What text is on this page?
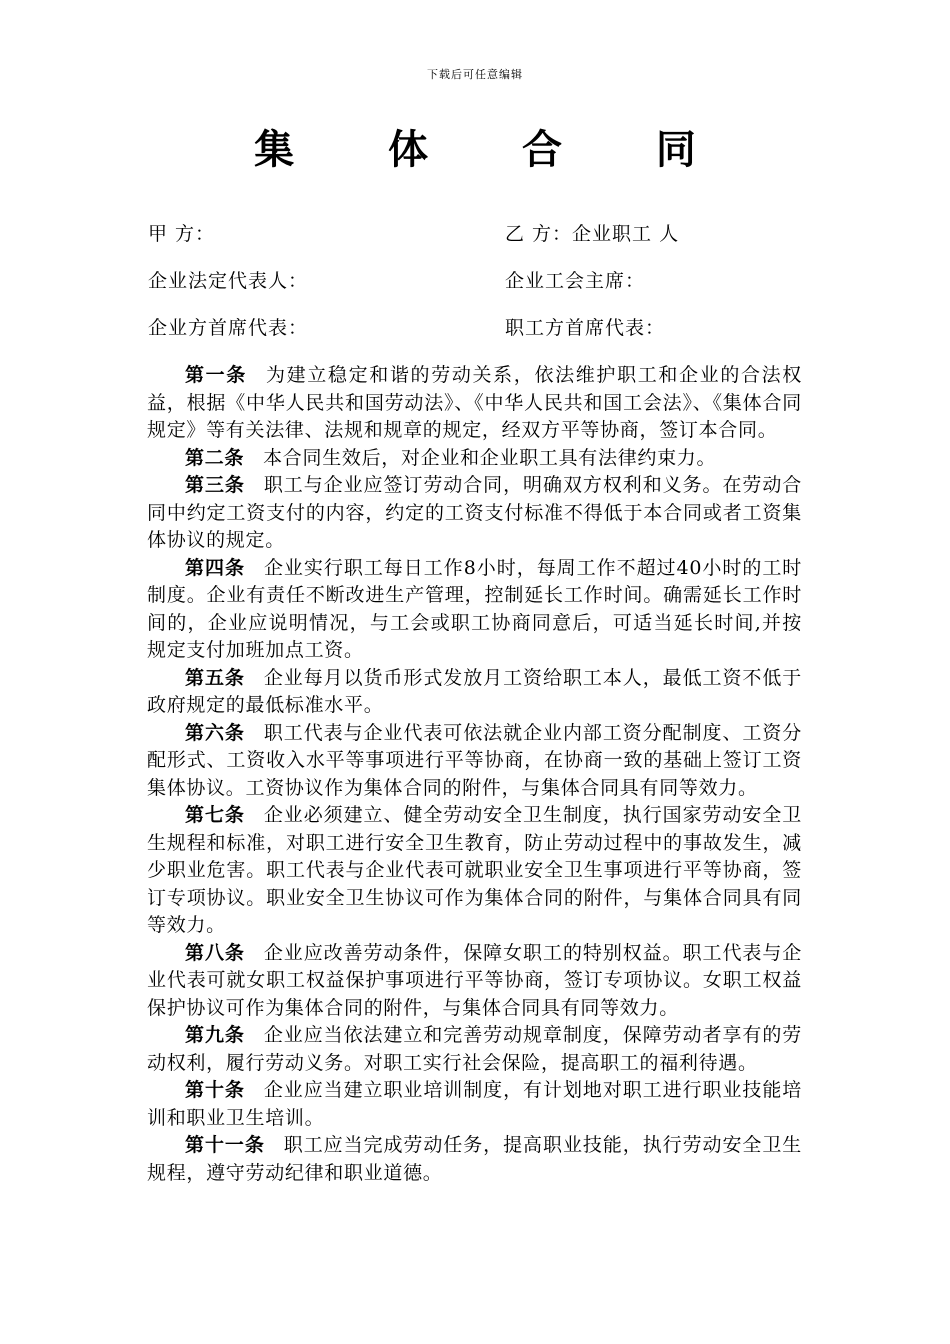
下载后可任意编辑
集 体 合 同
甲 方：	乙 方：企业职工 人
企业法定代表人：	企业工会主席：
企业方首席代表：	职工方首席代表：

第一条 为建立稳定和谐的劳动关系，依法维护职工和企业的合法权益，根据《中华人民共和国劳动法》、《中华人民共和国工会法》、《集体合同规定》等有关法律、法规和规章的规定，经双方平等协商，签订本合同。

第二条 本合同生效后，对企业和企业职工具有法律约束力。

第三条 职工与企业应签订劳动合同，明确双方权利和义务。在劳动合同中约定工资支付的内容，约定的工资支付标准不得低于本合同或者工资集体协议的规定。

第四条 企业实行职工每日工作8小时，每周工作不超过40小时的工时制度。企业有责任不断改进生产管理，控制延长工作时间。确需延长工作时间的，企业应说明情况，与工会或职工协商同意后，可适当延长时间,并按规定支付加班加点工资。

第五条 企业每月以货币形式发放月工资给职工本人，最低工资不低于政府规定的最低标准水平。

第六条 职工代表与企业代表可依法就企业内部工资分配制度、工资分配形式、工资收入水平等事项进行平等协商，在协商一致的基础上签订工资集体协议。工资协议作为集体合同的附件，与集体合同具有同等效力。

第七条 企业必须建立、健全劳动安全卫生制度，执行国家劳动安全卫生规程和标准，对职工进行安全卫生教育，防止劳动过程中的事故发生，减少职业危害。职工代表与企业代表可就职业安全卫生事项进行平等协商，签订专项协议。职业安全卫生协议可作为集体合同的附件，与集体合同具有同等效力。

第八条 企业应改善劳动条件，保障女职工的特别权益。职工代表与企业代表可就女职工权益保护事项进行平等协商，签订专项协议。女职工权益保护协议可作为集体合同的附件，与集体合同具有同等效力。

第九条 企业应当依法建立和完善劳动规章制度，保障劳动者享有的劳动权利，履行劳动义务。对职工实行社会保险，提高职工的福利待遇。

第十条 企业应当建立职业培训制度，有计划地对职工进行职业技能培训和职业卫生培训。

第十一条 职工应当完成劳动任务，提高职业技能，执行劳动安全卫生规程，遵守劳动纪律和职业道德。
